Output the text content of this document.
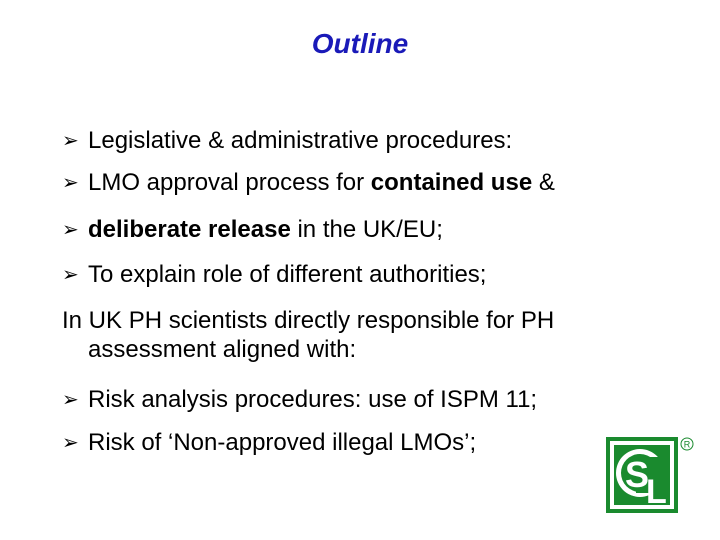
Outline
➢ Legislative & administrative procedures:
➢ LMO approval process for contained use &
➢ deliberate release in the UK/EU;
➢ To explain role of different authorities;
In UK PH scientists directly responsible for PH
assessment aligned with:
➢ Risk analysis procedures: use of ISPM 11;
➢ Risk of ‘Non-approved illegal LMOs’;
S
L
R
